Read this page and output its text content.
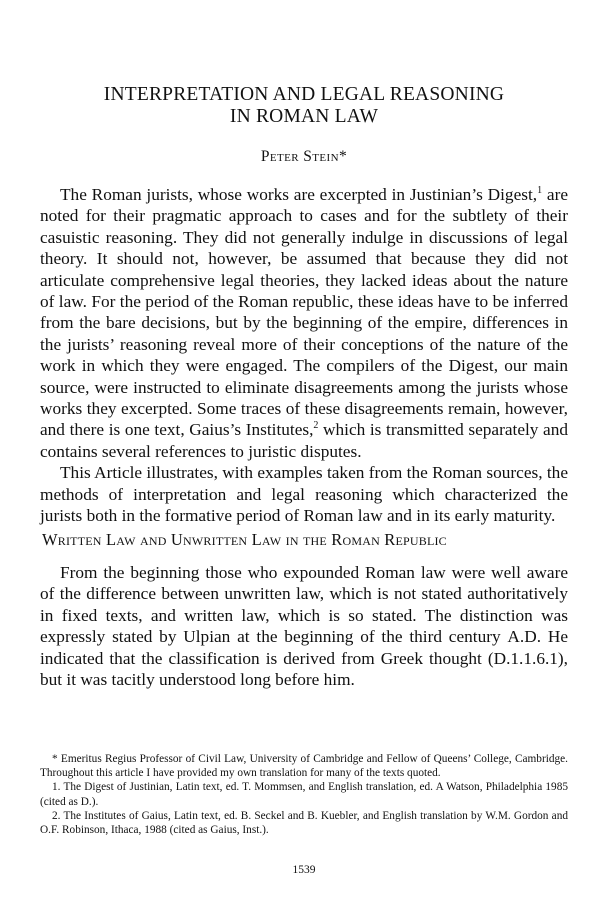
INTERPRETATION AND LEGAL REASONING
IN ROMAN LAW
Peter Stein*

The Roman jurists, whose works are excerpted in Justinian’s Digest,$^1$ are noted for their pragmatic approach to cases and for the subtlety of their casuistic reasoning. They did not generally indulge in discussions of legal theory. It should not, however, be assumed that because they did not articulate comprehensive legal theories, they lacked ideas about the nature of law. For the period of the Roman republic, these ideas have to be inferred from the bare decisions, but by the beginning of the empire, differences in the jurists’ reasoning reveal more of their conceptions of the nature of the work in which they were engaged. The compilers of the Digest, our main source, were instructed to eliminate disagreements among the jurists whose works they excerpted. Some traces of these disagreements remain, however, and there is one text, Gaius’s Institutes,$^2$ which is transmitted separately and contains several references to juristic disputes.

This Article illustrates, with examples taken from the Roman sources, the methods of interpretation and legal reasoning which characterized the jurists both in the formative period of Roman law and in its early maturity.

Written Law and Unwritten Law in the Roman Republic

From the beginning those who expounded Roman law were well aware of the difference between unwritten law, which is not stated authoritatively in fixed texts, and written law, which is so stated. The distinction was expressly stated by Ulpian at the beginning of the third century A.D. He indicated that the classification is derived from Greek thought (D.1.1.6.1), but it was tacitly understood long before him.

* Emeritus Regius Professor of Civil Law, University of Cambridge and Fellow of Queens’ College, Cambridge. Throughout this article I have provided my own translation for many of the texts quoted.

1. The Digest of Justinian, Latin text, ed. T. Mommsen, and English translation, ed. A Watson, Philadelphia 1985 (cited as D.).

2. The Institutes of Gaius, Latin text, ed. B. Seckel and B. Kuebler, and English translation by W.M. Gordon and O.F. Robinson, Ithaca, 1988 (cited as Gaius, Inst.).

1539
